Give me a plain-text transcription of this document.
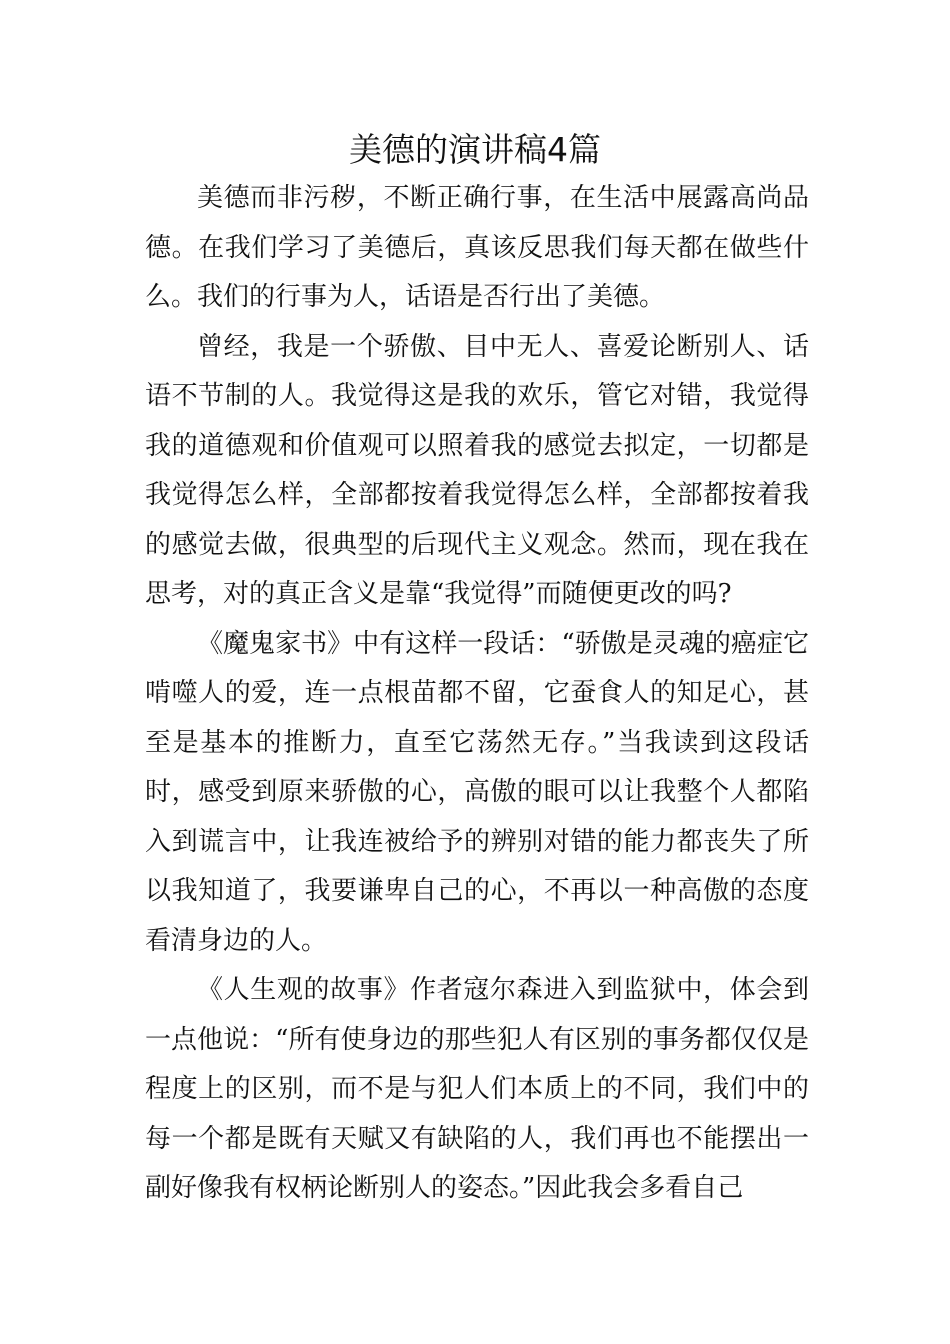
美德的演讲稿4篇

美德而非污秽，不断正确行事，在生活中展露高尚品德。在我们学习了美德后，真该反思我们每天都在做些什么。我们的行事为人，话语是否行出了美德。

曾经，我是一个骄傲、目中无人、喜爱论断别人、话语不节制的人。我觉得这是我的欢乐，管它对错，我觉得我的道德观和价值观可以照着我的感觉去拟定，一切都是我觉得怎么样，全部都按着我觉得怎么样，全部都按着我的感觉去做，很典型的后现代主义观念。然而，现在我在思考，对的真正含义是靠“我觉得”而随便更改的吗?

《魔鬼家书》中有这样一段话：“骄傲是灵魂的癌症它啃噬人的爱，连一点根苗都不留，它蚕食人的知足心，甚至是基本的推断力，直至它荡然无存。”当我读到这段话时，感受到原来骄傲的心，高傲的眼可以让我整个人都陷入到谎言中，让我连被给予的辨别对错的能力都丧失了所以我知道了，我要谦卑自己的心，不再以一种高傲的态度看清身边的人。

《人生观的故事》作者寇尔森进入到监狱中，体会到一点他说：“所有使身边的那些犯人有区别的事务都仅仅是程度上的区别，而不是与犯人们本质上的不同，我们中的每一个都是既有天赋又有缺陷的人，我们再也不能摆出一副好像我有权柄论断别人的姿态。”因此我会多看自己
